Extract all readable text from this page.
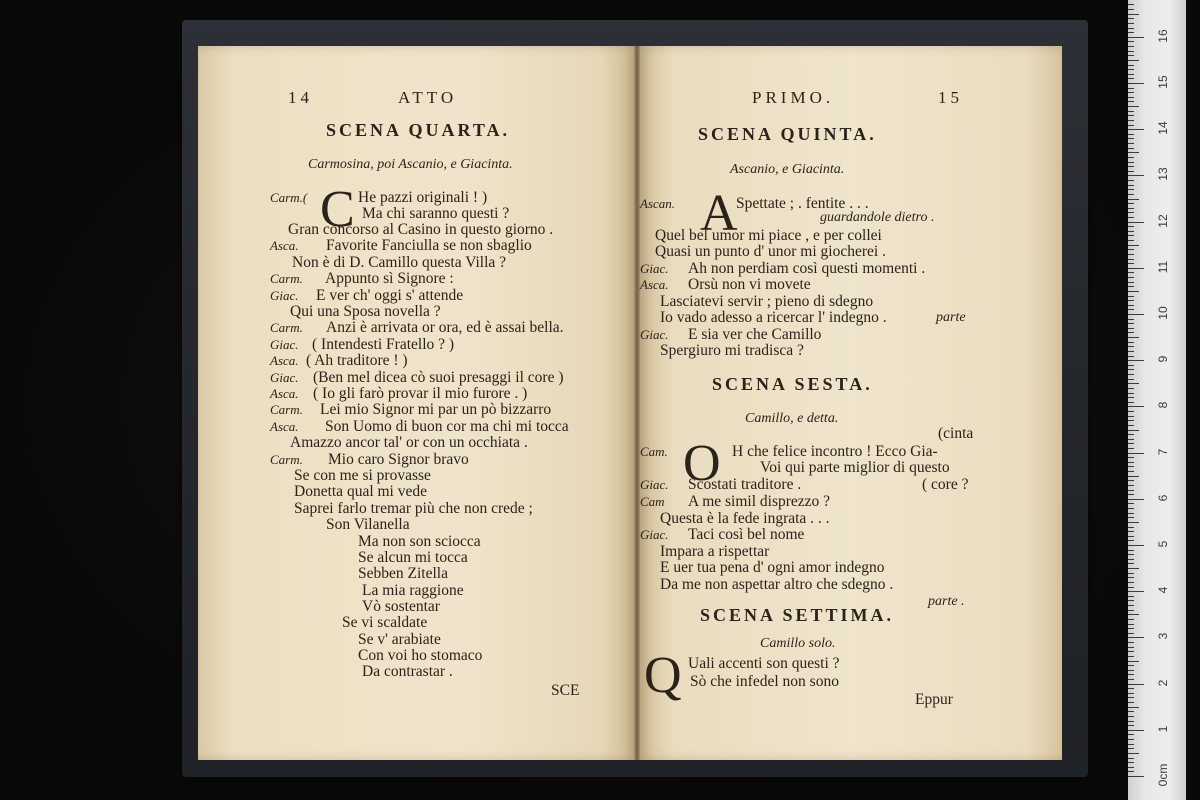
14	ATTO
SCENA QUARTA.
Carmosina, poi Ascanio, e Giacinta.
C
Carm.(	He pazzi originali ! )
Ma chi saranno questi ?
Gran concorso al Casino in questo giorno .
Asca. Favorite Fanciulla se non sbaglio
Non è di D. Camillo questa Villa ?
Carm. Appunto sì Signore :
Giac. E ver ch' oggi s' attende
Qui una Sposa novella ?
Carm. Anzi è arrivata or ora, ed è assai bella.
Giac. ( Intendesti Fratello ? )
Asca. ( Ah traditore ! )
Giac. (Ben mel dicea cò suoi presaggi il core )
Asca. ( Io gli farò provar il mio furore . )
Carm. Lei mio Signor mi par un pò bizzarro
Asca. Son Uomo di buon cor ma chi mi tocca
Amazzo ancor tal' or con un occhiata .
Carm. Mio caro Signor bravo
Se con me si provasse
Donetta qual mi vede
Saprei farlo tremar più che non crede ;
Son Vilanella
Ma non son sciocca
Se alcun mi tocca
Sebben Zitella
La mia raggione
Vò sostentar
Se vi scaldate
Se v' arabiate
Con voi ho stomaco
Da contrastar .
PRIMO.	15
SCENA QUINTA.
Ascanio, e Giacinta.
A
SCENA SESTA.
Camillo, e detta.
O
SCENA SETTIMA.
Camillo solo.
Q	Eppur
SCE
Ascan.	Spettate ; . fentite . . .
guardandole dietro .
Quel bel umor mi piace , e per collei
Quasi un punto d' unor mi giocherei .
Giac. Ah non perdiam così questi momenti .
Asca. Orsù non vi movete
Lasciatevi servir ; pieno di sdegno
Io vado adesso a ricercar l' indegno .	parte
Giac. E sia ver che Camillo
Spergiuro mi tradisca ?
(cinta
Cam.	H che felice incontro ! Ecco Gia-
Voi qui parte miglior di questo
Giac. Scostati traditore .	( core ?
Cam A me simil disprezzo ?
Questa è la fede ingrata . . .
Giac. Taci così bel nome
Impara a rispettar
E uer tua pena d' ogni amor indegno
Da me non aspettar altro che sdegno .
parte .
Uali accenti son questi ?
Sò che infedel non sono
0cm
1
2
3
4
5
6
7
8
9
10
11
12
13
14
15
16
